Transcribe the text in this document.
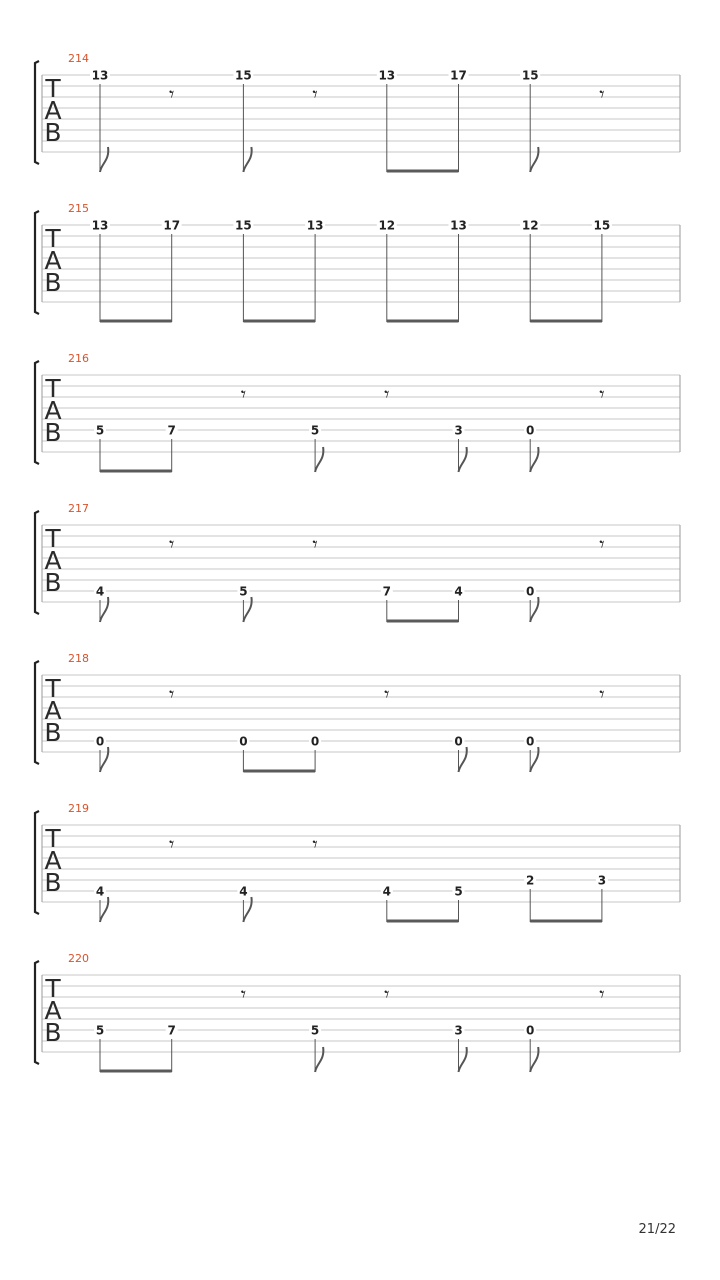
214
T
A
B
13
𝄾
15
𝄾
13	17	15
𝄾
215
T
A
B
13	17	15	13	12	13	12	15
216
T
A
B	5	7
𝄾
5
𝄾
3	0
𝄾
217
T
A
B	4
𝄾
5
𝄾
7	4	0
𝄾
218
T
A
B	0
𝄾
0	0
𝄾
0	0
𝄾
219
T
A
B	4
𝄾
4
𝄾
4	5
2	3
220
T
A
B	5	7
𝄾
5
𝄾
3	0
𝄾
21/22
